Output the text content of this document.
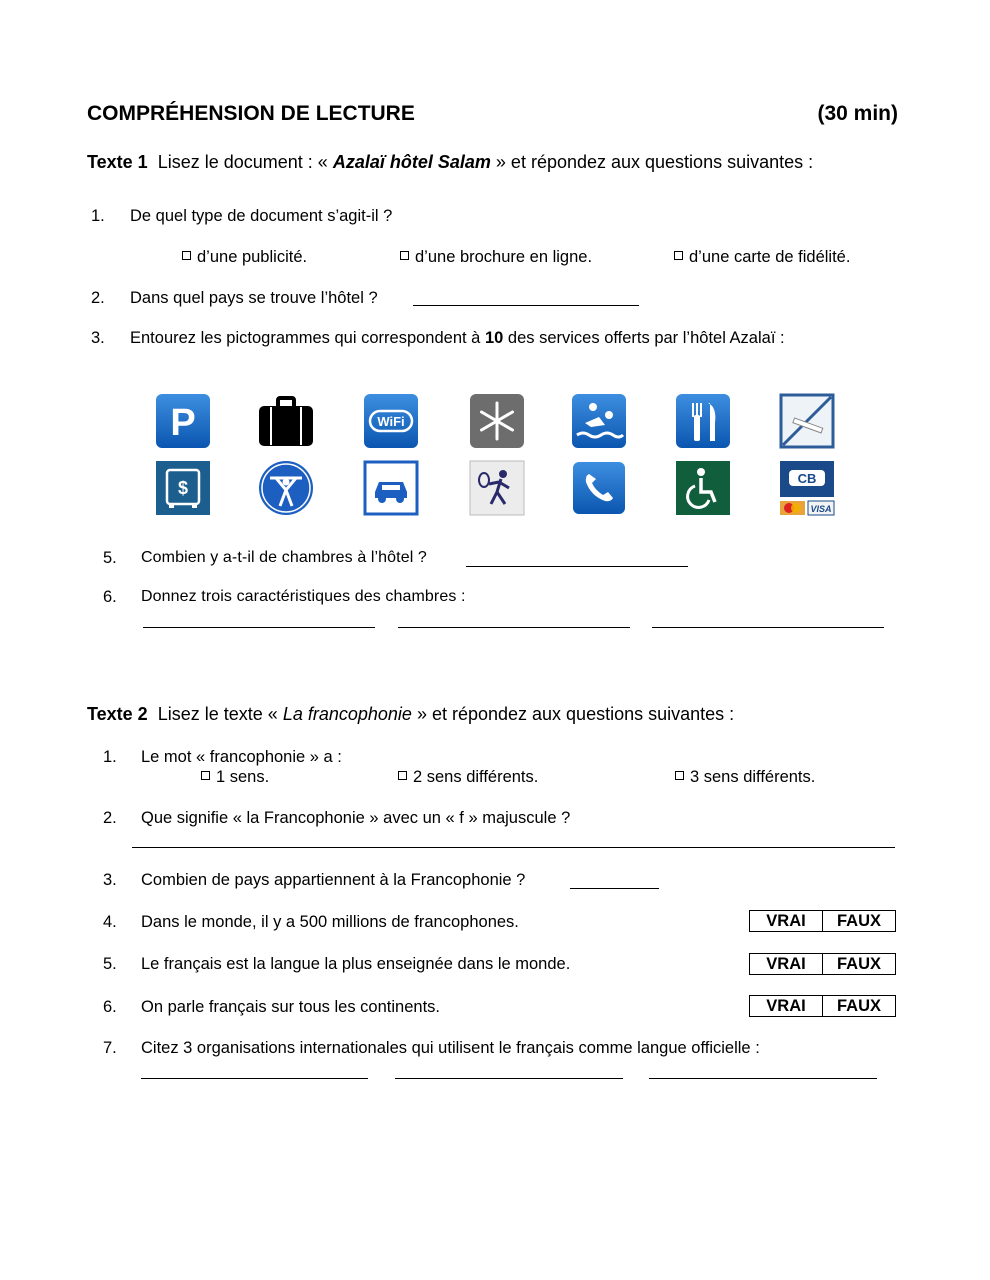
COMPRÉHENSION DE LECTURE	(30 min)
Texte 1 Lisez le document : « Azalaï hôtel Salam » et répondez aux questions suivantes :
1. De quel type de document s’agit-il ?
d’une publicité.	d’une brochure en ligne.	d’une carte de fidélité.
2. Dans quel pays se trouve l’hôtel ?
3. Entourez les pictogrammes qui correspondent à 10 des services offerts par l’hôtel Azalaï :
P	WiFi
$	CB
VISA
5. Combien y a-t-il de chambres à l’hôtel ?
6. Donnez trois caractéristiques des chambres :
Texte 2 Lisez le texte « La francophonie » et répondez aux questions suivantes :
1. Le mot « francophonie » a :
1 sens.	2 sens différents.	3 sens différents.
2. Que signifie « la Francophonie » avec un « f » majuscule ?
3. Combien de pays appartiennent à la Francophonie ?
4. Dans le monde, il y a 500 millions de francophones.	VRAI	FAUX
5. Le français est la langue la plus enseignée dans le monde.	VRAI	FAUX
6. On parle français sur tous les continents.	VRAI	FAUX
7. Citez 3 organisations internationales qui utilisent le français comme langue officielle :
